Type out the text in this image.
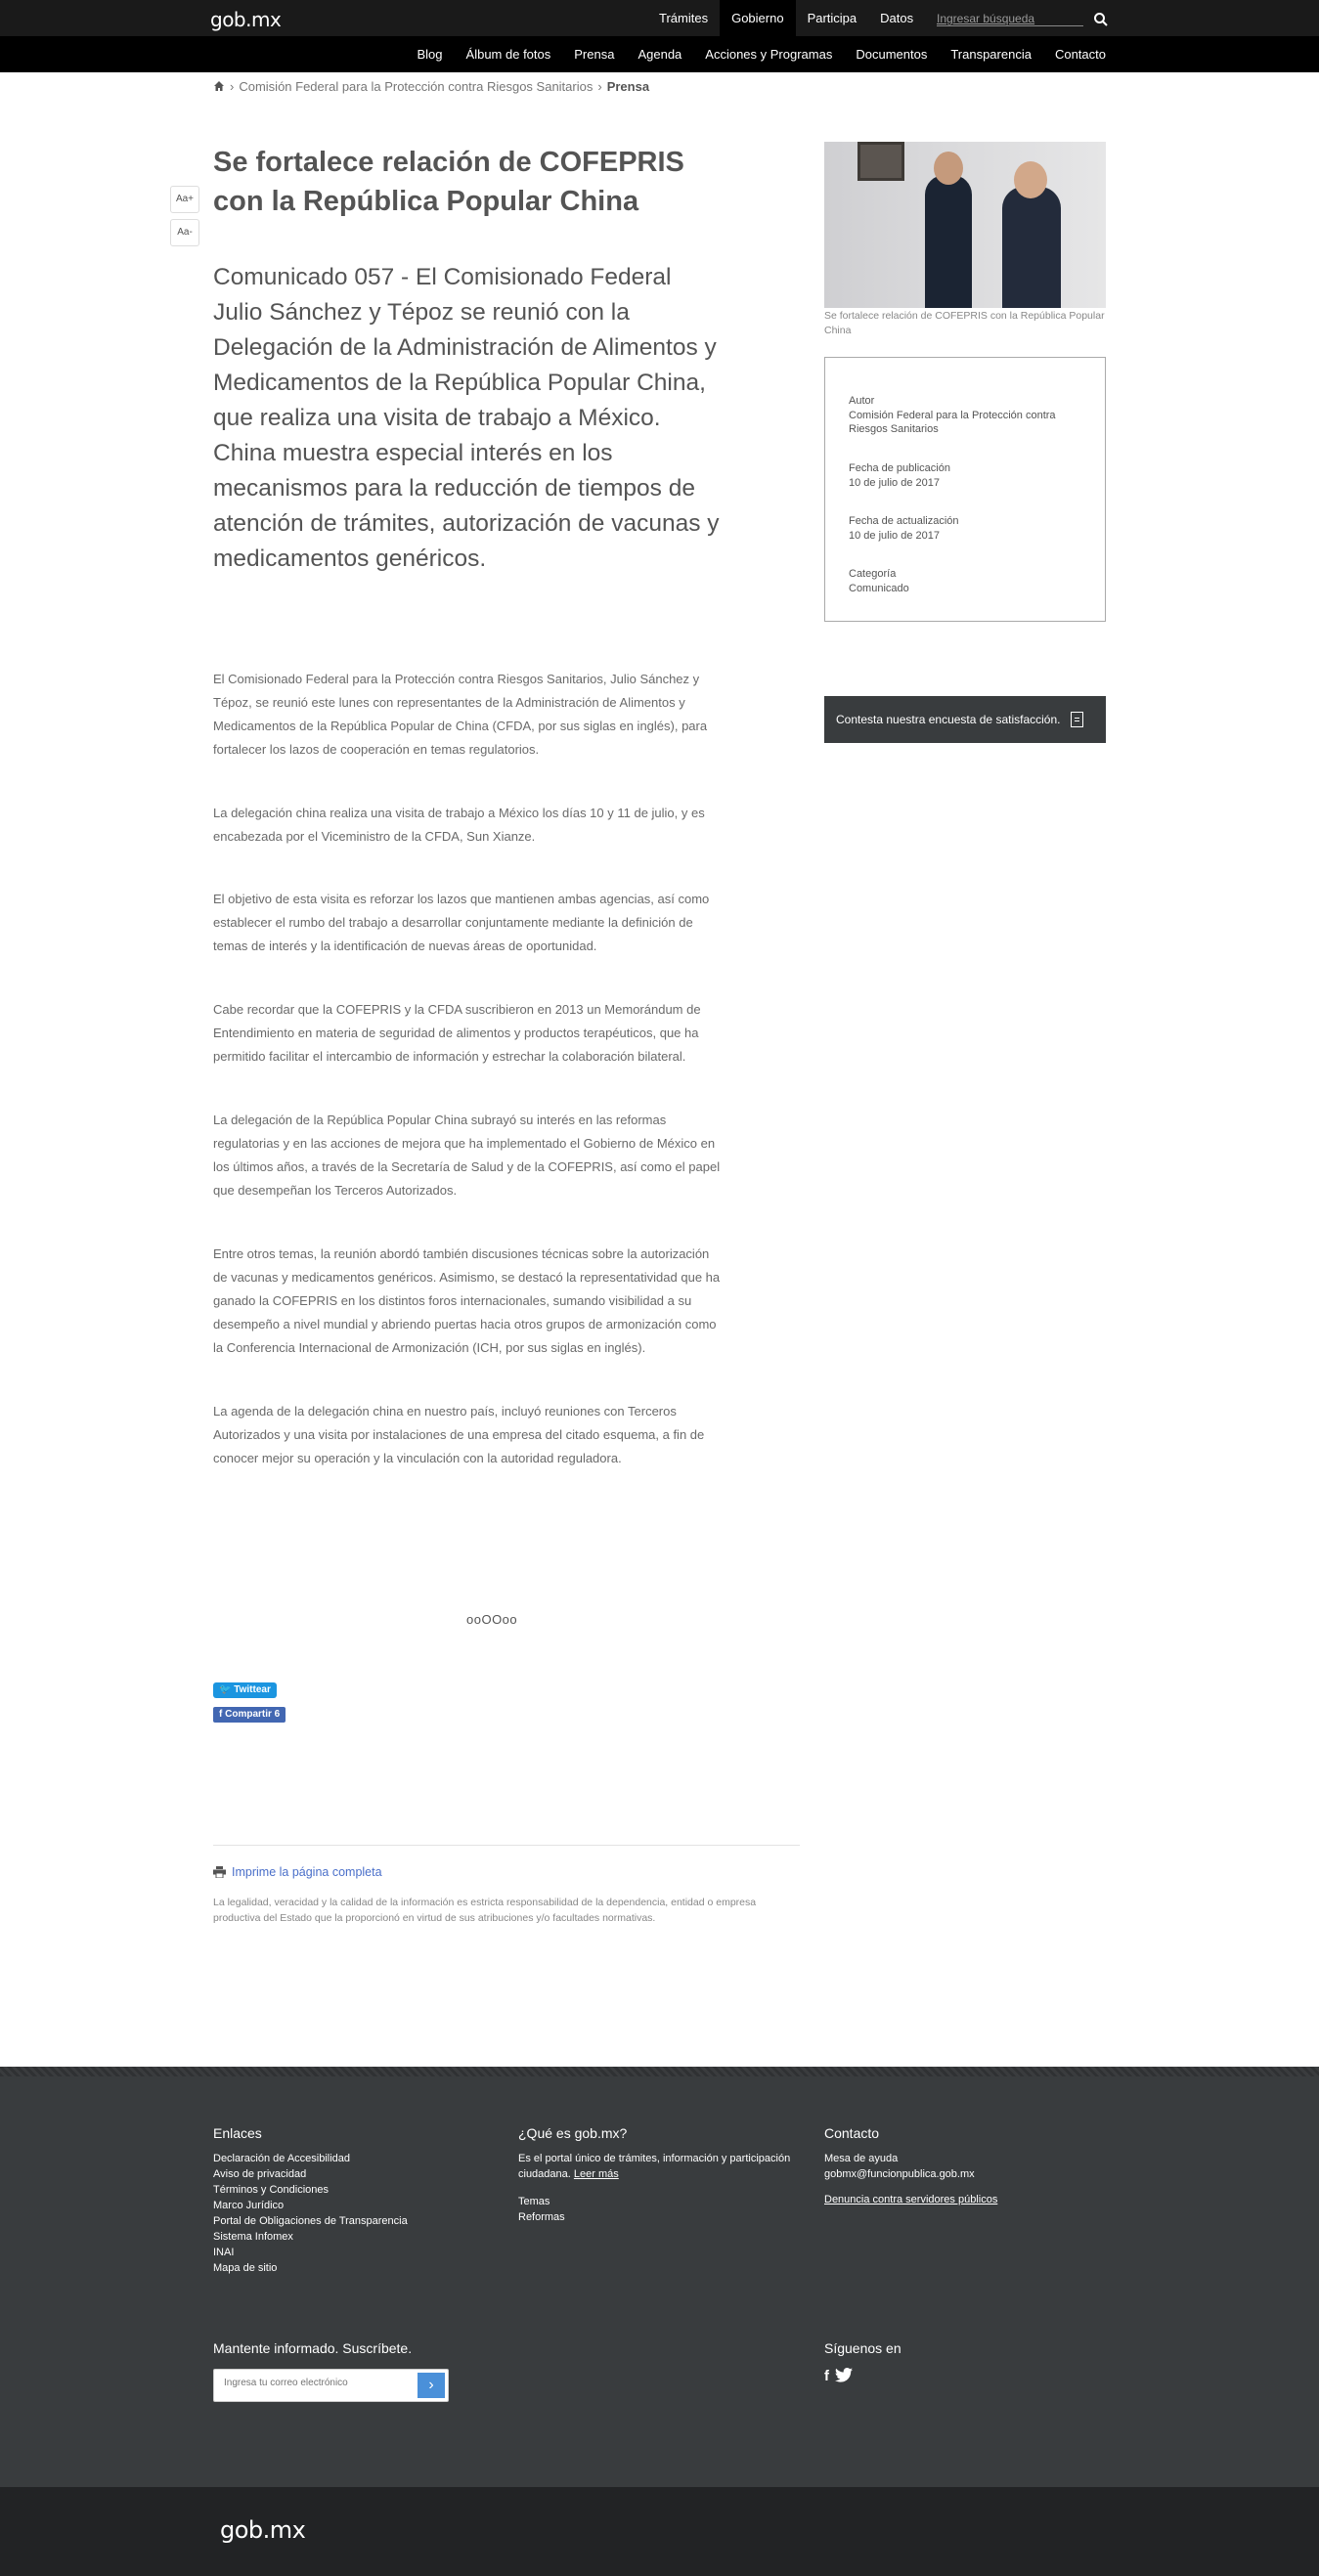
gob.mx	Trámites	Gobierno	Participa	Datos
Ingresar búsqueda
Blog	Álbum de fotos	Prensa	Agenda	Acciones y Programas	Documentos	Transparencia	Contacto
› Comisión Federal para la Protección contra Riesgos Sanitarios › Prensa
Aa+
Aa-
Se fortalece relación de COFEPRIS con la República Popular China
Comunicado 057 - El Comisionado Federal Julio Sánchez y Tépoz se reunió con la Delegación de la Administración de Alimentos y Medicamentos de la República Popular China, que realiza una visita de trabajo a México. China muestra especial interés en los mecanismos para la reducción de tiempos de atención de trámites, autorización de vacunas y medicamentos genéricos.

El Comisionado Federal para la Protección contra Riesgos Sanitarios, Julio Sánchez y Tépoz, se reunió este lunes con representantes de la Administración de Alimentos y Medicamentos de la República Popular de China (CFDA, por sus siglas en inglés), para fortalecer los lazos de cooperación en temas regulatorios.

La delegación china realiza una visita de trabajo a México los días 10 y 11 de julio, y es encabezada por el Viceministro de la CFDA, Sun Xianze.

El objetivo de esta visita es reforzar los lazos que mantienen ambas agencias, así como establecer el rumbo del trabajo a desarrollar conjuntamente mediante la definición de temas de interés y la identificación de nuevas áreas de oportunidad.

Cabe recordar que la COFEPRIS y la CFDA suscribieron en 2013 un Memorándum de Entendimiento en materia de seguridad de alimentos y productos terapéuticos, que ha permitido facilitar el intercambio de información y estrechar la colaboración bilateral.

La delegación de la República Popular China subrayó su interés en las reformas regulatorias y en las acciones de mejora que ha implementado el Gobierno de México en los últimos años, a través de la Secretaría de Salud y de la COFEPRIS, así como el papel que desempeñan los Terceros Autorizados.

Entre otros temas, la reunión abordó también discusiones técnicas sobre la autorización de vacunas y medicamentos genéricos. Asimismo, se destacó la representatividad que ha ganado la COFEPRIS en los distintos foros internacionales, sumando visibilidad a su desempeño a nivel mundial y abriendo puertas hacia otros grupos de armonización como la Conferencia Internacional de Armonización (ICH, por sus siglas en inglés).

La agenda de la delegación china en nuestro país, incluyó reuniones con Terceros Autorizados y una visita por instalaciones de una empresa del citado esquema, a fin de conocer mejor su operación y la vinculación con la autoridad reguladora.

ooOOoo
🐦 Twittear
f Compartir 6
Imprime la página completa
La legalidad, veracidad y la calidad de la información es estricta responsabilidad de la dependencia, entidad o empresa productiva del Estado que la proporcionó en virtud de sus atribuciones y/o facultades normativas.
Se fortalece relación de COFEPRIS con la República Popular China
Autor
Comisión Federal para la Protección contra Riesgos Sanitarios
Fecha de publicación
10 de julio de 2017
Fecha de actualización
10 de julio de 2017
Categoría
Comunicado
Contesta nuestra encuesta de satisfacción.
Enlaces
Declaración de Accesibilidad
Aviso de privacidad
Términos y Condiciones
Marco Jurídico
Portal de Obligaciones de Transparencia
Sistema Infomex
INAI
Mapa de sitio
¿Qué es gob.mx?
Es el portal único de trámites, información y participación ciudadana. Leer más
Temas
Reformas
Contacto
Mesa de ayuda
gobmx@funcionpublica.gob.mx
Denuncia contra servidores públicos
Mantente informado. Suscríbete.	Síguenos en
Ingresa tu correo electrónico
›
f
gob.mx
